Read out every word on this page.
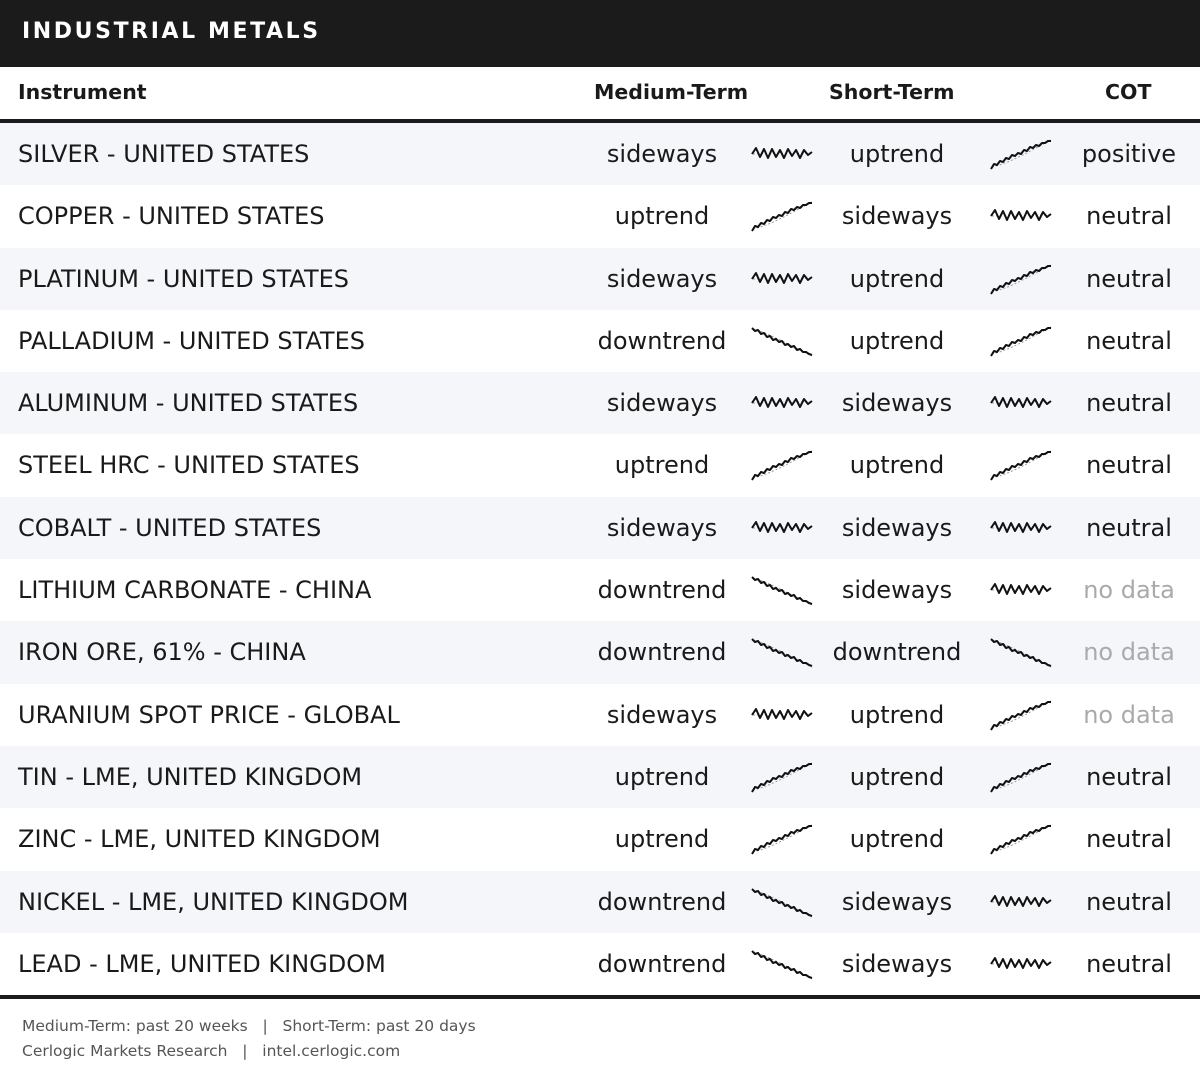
INDUSTRIAL METALS
Instrument	Medium-Term	Short-Term	COT
SILVER - UNITED STATES	sideways	uptrend	positive
COPPER - UNITED STATES	uptrend	sideways	neutral
PLATINUM - UNITED STATES	sideways	uptrend	neutral
PALLADIUM - UNITED STATES	downtrend	uptrend	neutral
ALUMINUM - UNITED STATES	sideways	sideways	neutral
STEEL HRC - UNITED STATES	uptrend	uptrend	neutral
COBALT - UNITED STATES	sideways	sideways	neutral
LITHIUM CARBONATE - CHINA	downtrend	sideways	no data
IRON ORE, 61% - CHINA	downtrend	downtrend	no data
URANIUM SPOT PRICE - GLOBAL	sideways	uptrend	no data
TIN - LME, UNITED KINGDOM	uptrend	uptrend	neutral
ZINC - LME, UNITED KINGDOM	uptrend	uptrend	neutral
NICKEL - LME, UNITED KINGDOM	downtrend	sideways	neutral
LEAD - LME, UNITED KINGDOM	downtrend	sideways	neutral
Medium-Term: past 20 weeks   |   Short-Term: past 20 days
Cerlogic Markets Research   |   intel.cerlogic.com
